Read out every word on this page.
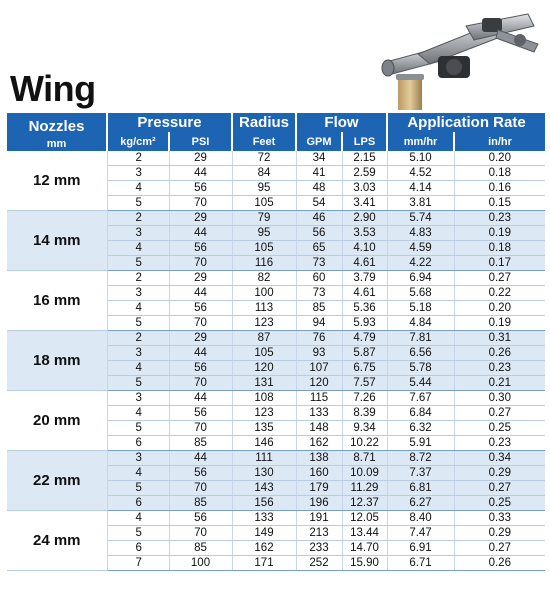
Wing
Nozzles
mm	Pressure		Radius	Flow		Application Rate	
	kg/cm²	PSI	Feet	GPM	LPS	mm/hr	in/hr
12 mm	2	29	72	34	2.15	5.10	0.20
	3	44	84	41	2.59	4.52	0.18
	4	56	95	48	3.03	4.14	0.16
	5	70	105	54	3.41	3.81	0.15
14 mm	2	29	79	46	2.90	5.74	0.23
	3	44	95	56	3.53	4.83	0.19
	4	56	105	65	4.10	4.59	0.18
	5	70	116	73	4.61	4.22	0.17
16 mm	2	29	82	60	3.79	6.94	0.27
	3	44	100	73	4.61	5.68	0.22
	4	56	113	85	5.36	5.18	0.20
	5	70	123	94	5.93	4.84	0.19
18 mm	2	29	87	76	4.79	7.81	0.31
	3	44	105	93	5.87	6.56	0.26
	4	56	120	107	6.75	5.78	0.23
	5	70	131	120	7.57	5.44	0.21
20 mm	3	44	108	115	7.26	7.67	0.30
	4	56	123	133	8.39	6.84	0.27
	5	70	135	148	9.34	6.32	0.25
	6	85	146	162	10.22	5.91	0.23
22 mm	3	44	111	138	8.71	8.72	0.34
	4	56	130	160	10.09	7.37	0.29
	5	70	143	179	11.29	6.81	0.27
	6	85	156	196	12.37	6.27	0.25
24 mm	4	56	133	191	12.05	8.40	0.33
	5	70	149	213	13.44	7.47	0.29
	6	85	162	233	14.70	6.91	0.27
	7	100	171	252	15.90	6.71	0.26
